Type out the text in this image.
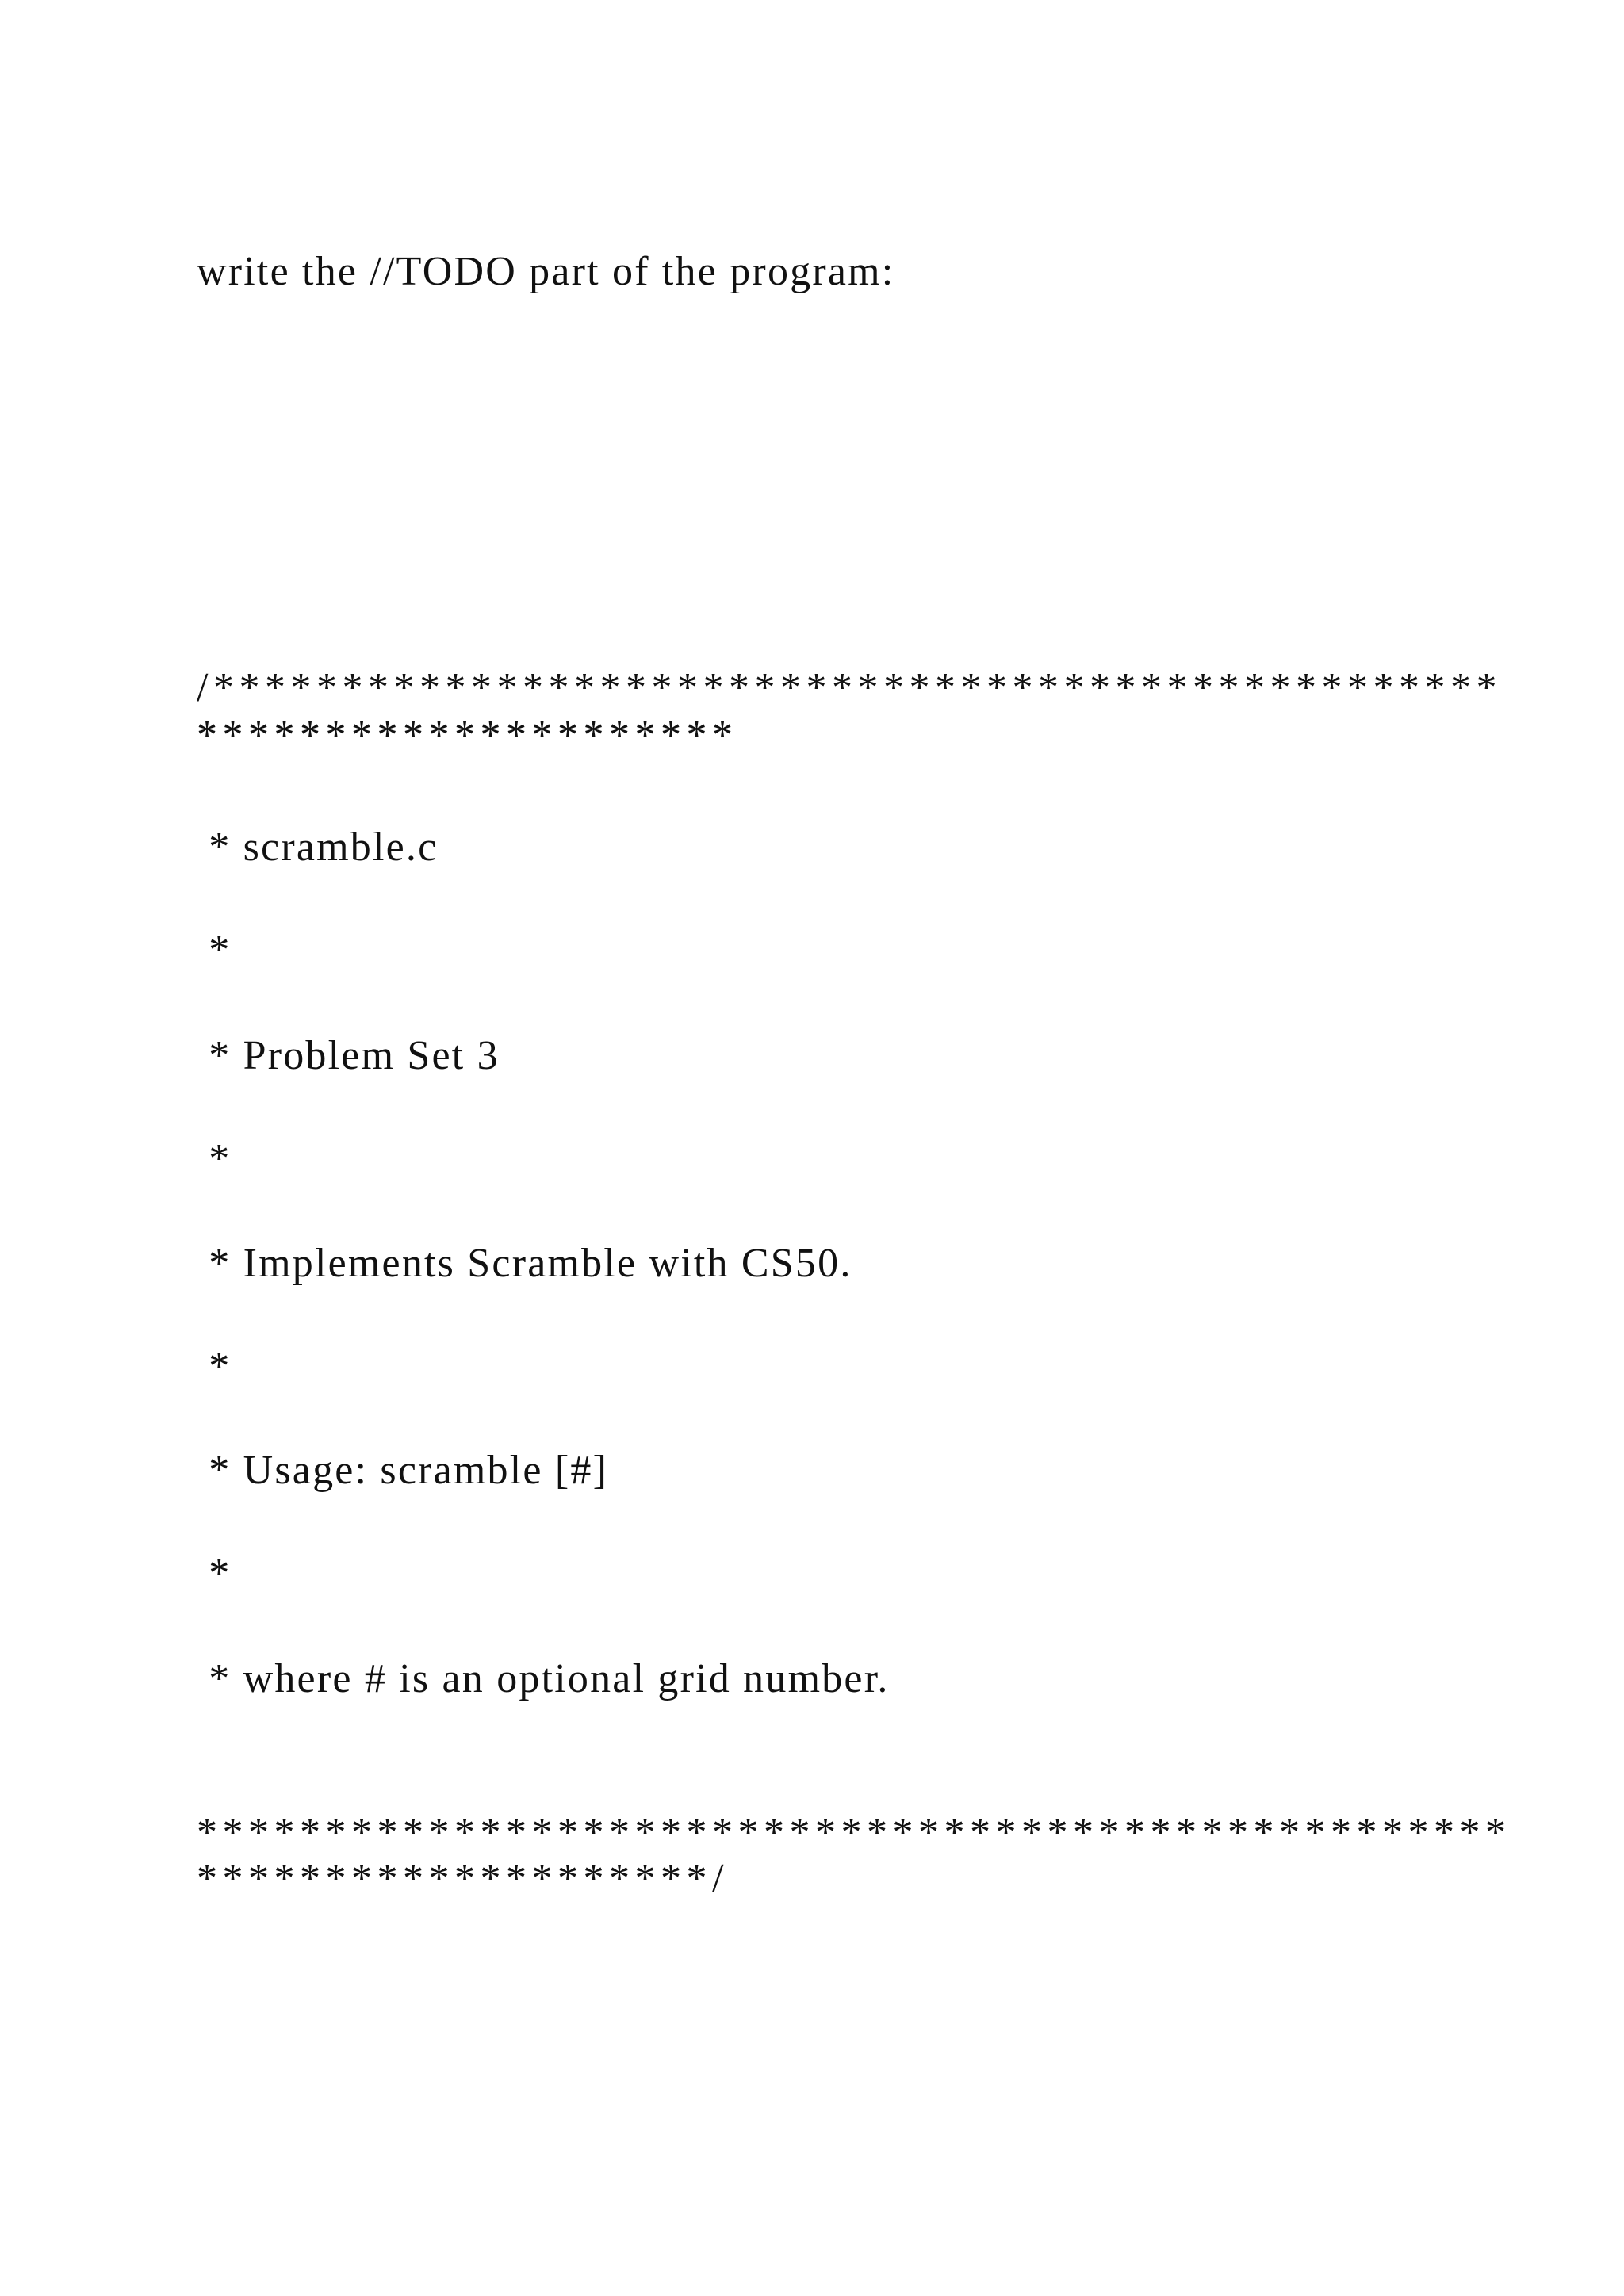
write the //TODO part of the program:

/**************************************************

*********************

* scramble.c

*

* Problem Set 3

*

* Implements Scramble with CS50.

*

* Usage: scramble [#]

*

* where # is an optional grid number.

***************************************************

********************/
